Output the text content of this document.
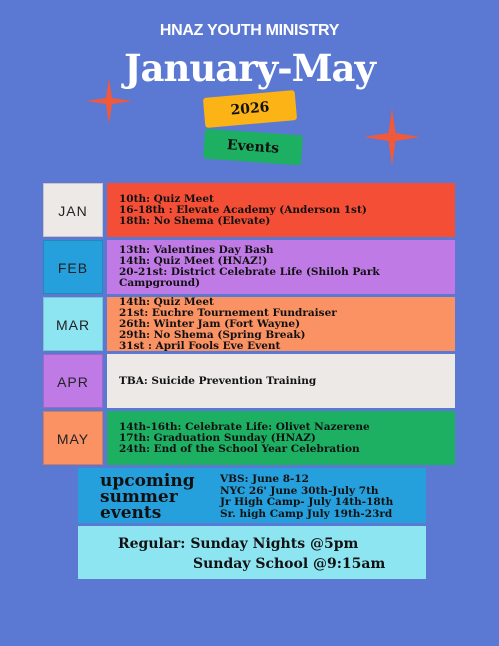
HNAZ YOUTH MINISTRY
January-May
2026
Events
JAN
10th: Quiz Meet
16-18th : Elevate Academy (Anderson 1st)
18th: No Shema (Elevate)
FEB
13th: Valentines Day Bash
14th: Quiz Meet (HNAZ!)
20-21st: District Celebrate Life (Shiloh Park
Campground)
MAR
14th: Quiz Meet
21st: Euchre Tournement Fundraiser
26th: Winter Jam (Fort Wayne)
29th: No Shema (Spring Break)
31st : April Fools Eve Event
APR	TBA: Suicide Prevention Training
MAY
14th-16th: Celebrate Life: Olivet Nazerene
17th: Graduation Sunday (HNAZ)
24th: End of the School Year Celebration
upcoming
summer
events
VBS: June 8-12
NYC 26' June 30th-July 7th
Jr High Camp- July 14th-18th
Sr. high Camp July 19th-23rd
Regular: Sunday Nights @5pm
Sunday School @9:15am
